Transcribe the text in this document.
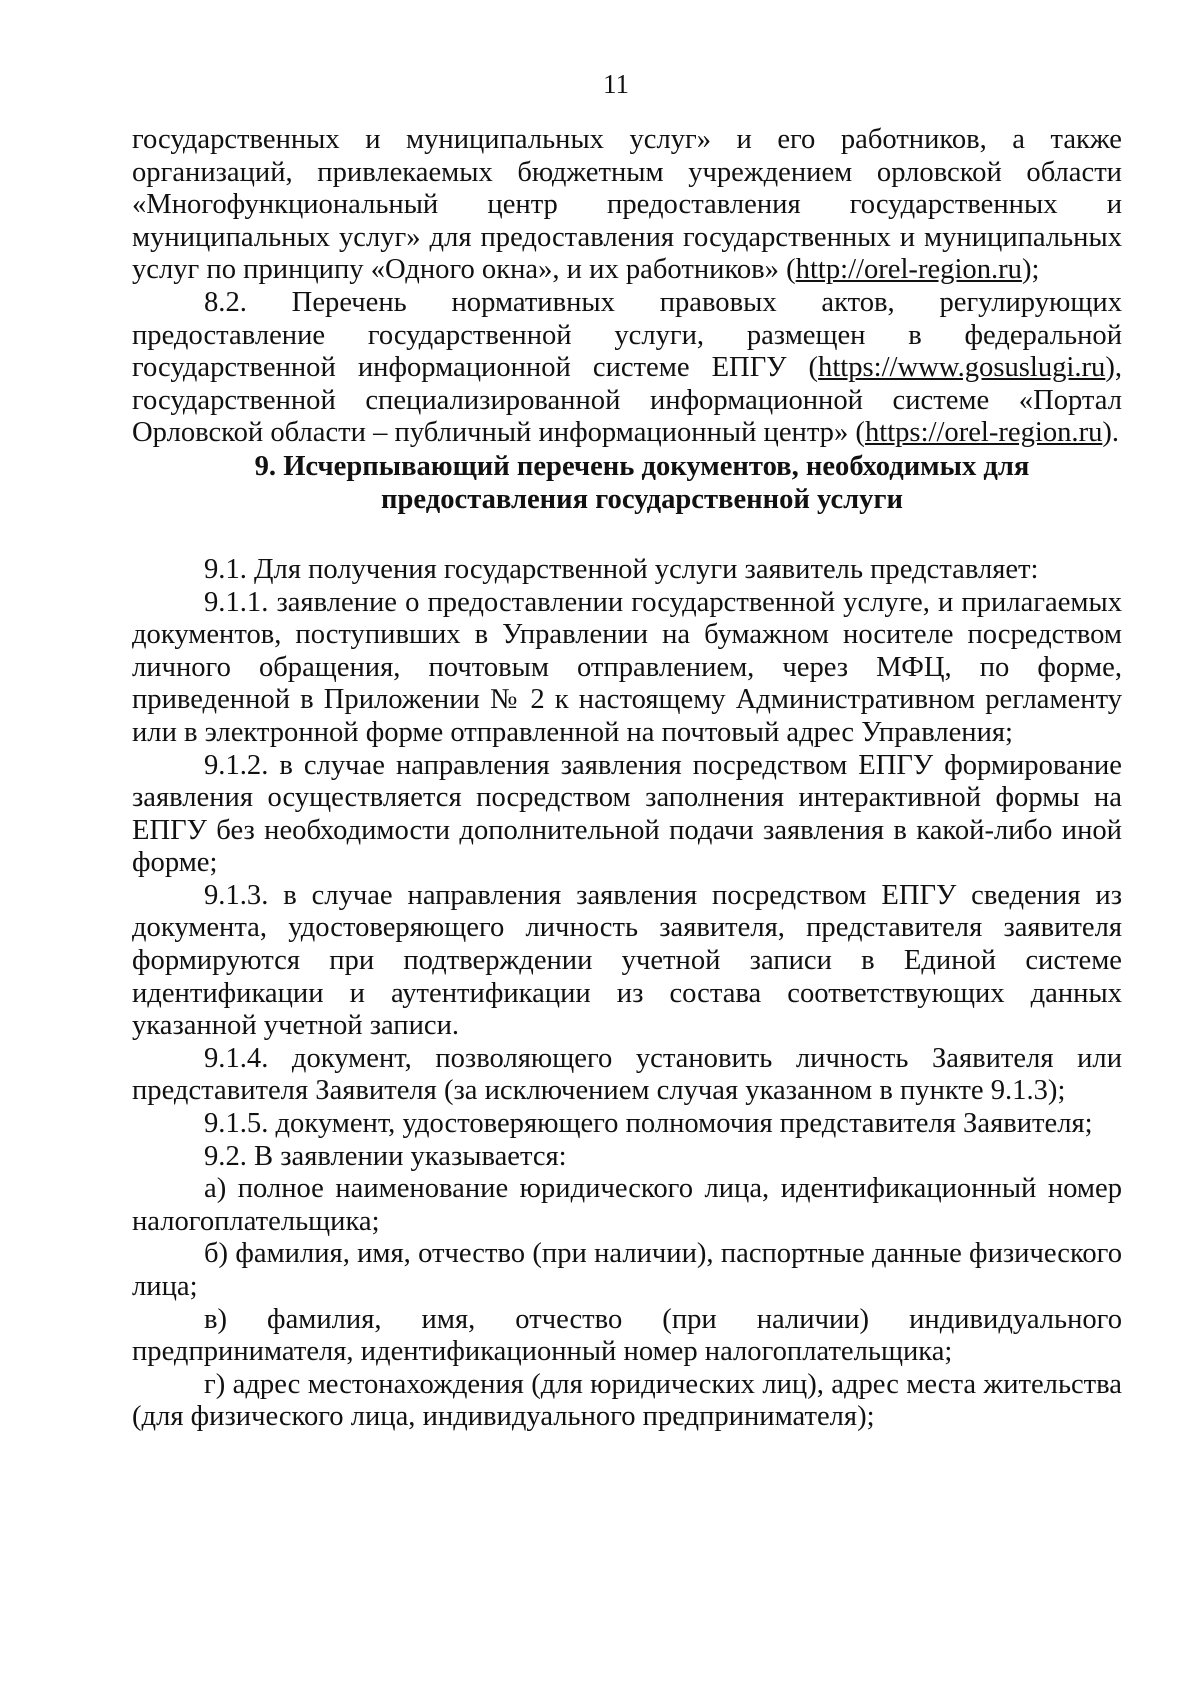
11

государственных и муниципальных услуг» и его работников, а также организаций, привлекаемых бюджетным учреждением орловской области «Многофункциональный центр предоставления государственных и муниципальных услуг» для предоставления государственных и муниципальных услуг по принципу «Одного окна», и их работников» (http://orel-region.ru);

8.2. Перечень нормативных правовых актов, регулирующих предоставление государственной услуги, размещен в федеральной государственной информационной системе ЕПГУ (https://www.gosuslugi.ru), государственной специализированной информационной системе «Портал Орловской области – публичный информационный центр» (https://orel-region.ru).

9. Исчерпывающий перечень документов, необходимых для предоставления государственной услуги

9.1. Для получения государственной услуги заявитель представляет:

9.1.1. заявление о предоставлении государственной услуге, и прилагаемых документов, поступивших в Управлении на бумажном носителе посредством личного обращения, почтовым отправлением, через МФЦ, по форме, приведенной в Приложении № 2 к настоящему Административном регламенту или в электронной форме отправленной на почтовый адрес Управления;

9.1.2. в случае направления заявления посредством ЕПГУ формирование заявления осуществляется посредством заполнения интерактивной формы на ЕПГУ без необходимости дополнительной подачи заявления в какой-либо иной форме;

9.1.3. в случае направления заявления посредством ЕПГУ сведения из документа, удостоверяющего личность заявителя, представителя заявителя формируются при подтверждении учетной записи в Единой системе идентификации и аутентификации из состава соответствующих данных указанной учетной записи.

9.1.4. документ, позволяющего установить личность Заявителя или представителя Заявителя (за исключением случая указанном в пункте 9.1.3);

9.1.5. документ, удостоверяющего полномочия представителя Заявителя;

9.2. В заявлении указывается:

а) полное наименование юридического лица, идентификационный номер налогоплательщика;

б) фамилия, имя, отчество (при наличии), паспортные данные физического лица;

в) фамилия, имя, отчество (при наличии) индивидуального предпринимателя, идентификационный номер налогоплательщика;

г) адрес местонахождения (для юридических лиц), адрес места жительства (для физического лица, индивидуального предпринимателя);
